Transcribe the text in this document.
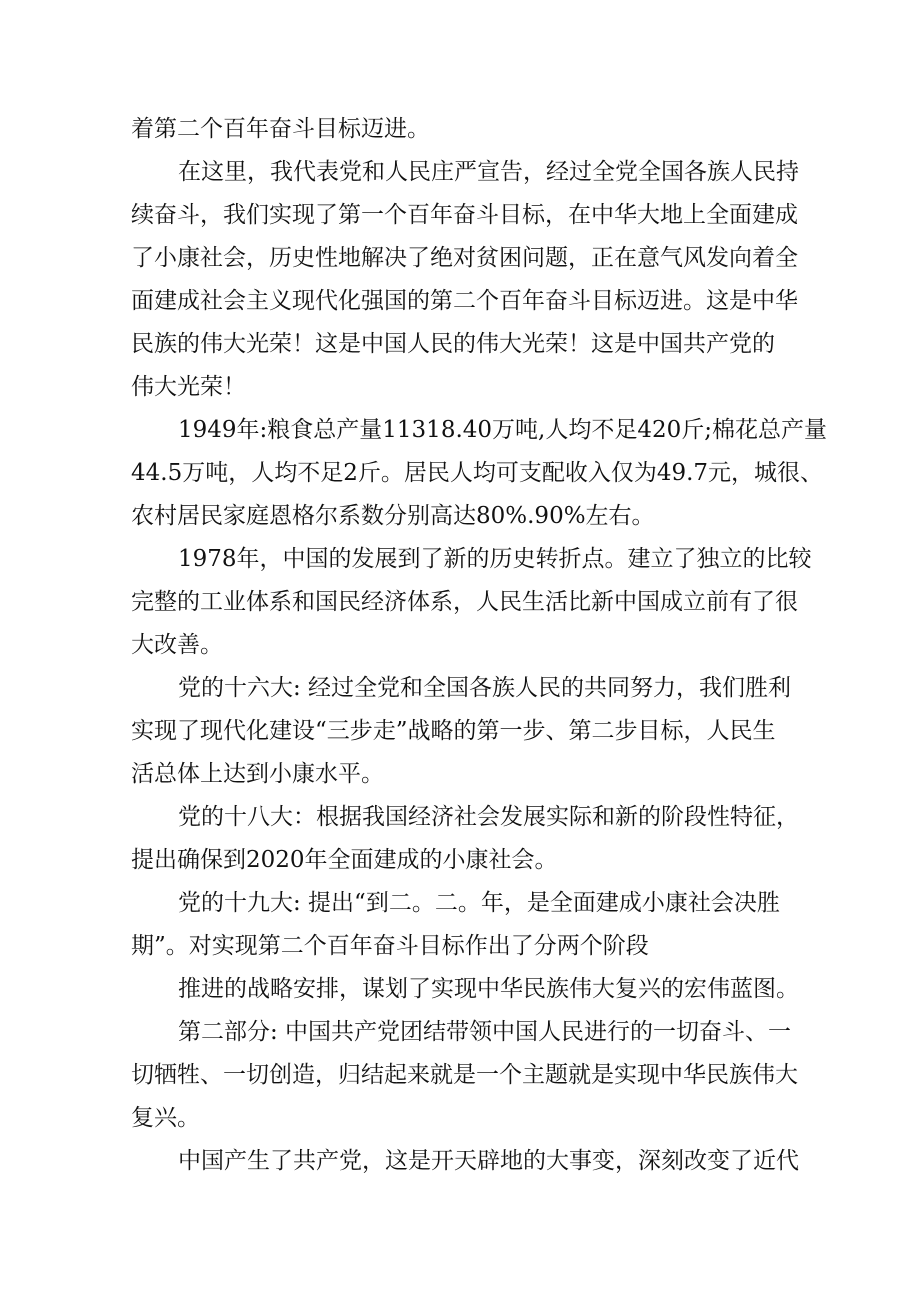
着第二个百年奋斗目标迈进。
在这里，我代表党和人民庄严宣告，经过全党全国各族人民持
续奋斗，我们实现了第一个百年奋斗目标，在中华大地上全面建成
了小康社会，历史性地解决了绝对贫困问题，正在意气风发向着全
面建成社会主义现代化强国的第二个百年奋斗目标迈进。这是中华
民族的伟大光荣！这是中国人民的伟大光荣！这是中国共产党的
伟大光荣！
1949年:粮食总产量11318.40万吨,人均不足420斤;棉花总产量
44.5万吨，人均不足2斤。居民人均可支配收入仅为49.7元，城很、
农村居民家庭恩格尔系数分别高达80%.90%左右。
1978年，中国的发展到了新的历史转折点。建立了独立的比较
完整的工业体系和国民经济体系，人民生活比新中国成立前有了很
大改善。
党的十六大: 经过全党和全国各族人民的共同努力，我们胜利
实现了现代化建设“三步走”战略的第一步、第二步目标，人民生
活总体上达到小康水平。
党的十八大：根据我国经济社会发展实际和新的阶段性特征，
提出确保到2020年全面建成的小康社会。
党的十九大: 提出“到二。二。年，是全面建成小康社会决胜
期”。对实现第二个百年奋斗目标作出了分两个阶段
推进的战略安排，谋划了实现中华民族伟大复兴的宏伟蓝图。
第二部分: 中国共产党团结带领中国人民进行的一切奋斗、一
切牺牲、一切创造，归结起来就是一个主题就是实现中华民族伟大
复兴。
中国产生了共产党，这是开天辟地的大事变，深刻改变了近代
